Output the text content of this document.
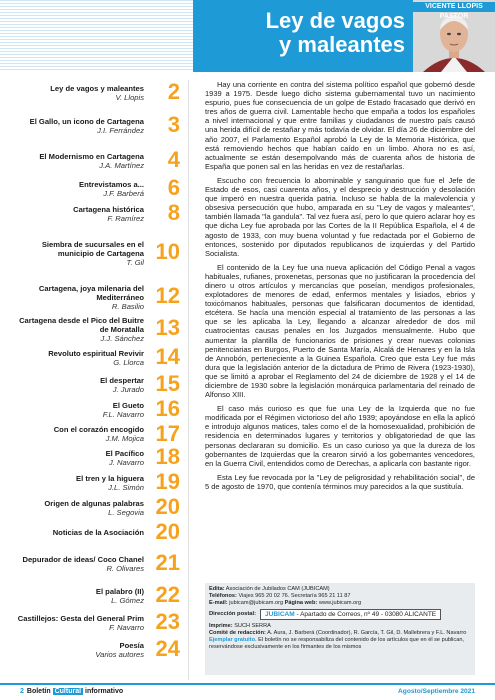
Ley de vagos
y maleantes
VICENTE LLOPIS PASTOR
Ley de vagos y maleantes
V. Llopis 2
El Gallo, un icono de Cartagena
J.I. Ferrández 3
El Modernismo en Cartagena
J.A. Martínez 4
Entrevistamos a...
J.F. Barberá 6
Cartagena histórica
F. Ramírez 8
Siembra de sucursales en el municipio de Cartagena
T. Gil 10
Cartagena, joya milenaria del Mediterráneo
R. Basilio 12
Cartagena desde el Pico del Buitre de Moratalla
J.J. Sánchez 13
Revoluto espiritual Revivir
G. Llorca 14
El despertar
J. Jurado 15
El Gueto
F.L. Navarro 16
Con el corazón encogido
J.M. Mojica 17
El Pacífico
J. Navarro 18
El tren y la higuera
J.L. Simón 19
Origen de algunas palabras
L. Segovia 20
Noticias de la Asociación 20
Depurador de ideas/ Coco Chanel
R. Olivares 21
El palabro (II)
L. Gómez 22
Castillejos: Gesta del General Prim
F. Navarro 23
Poesía
Varios autores 24

Hay una corriente en contra del sistema político español que gobernó desde 1939 a 1975. Desde luego dicho sistema gubernamental tuvo un nacimiento espurio, pues fue consecuencia de un golpe de Estado fracasado que derivó en tres años de guerra civil. Lamentable hecho que empaña a todos los españoles a nivel internacional y que entre familias y ciudadanos de nuestro país causó una herida difícil de restañar y más todavía de olvidar. El día 26 de diciembre del año 2007, el Parlamento Español aprobó la Ley de la Memoria Histórica, que está removiendo hechos que habían caído en un limbo. Ahora no es así, actualmente se están desempolvando más de cuarenta años de historia de España que ponen sal en las heridas en vez de restañarlas.

Escucho con frecuencia lo abominable y sanguinario que fue el Jefe de Estado de esos, casi cuarenta años, y el desprecio y destrucción y desolación que imperó en nuestra querida patria. Incluso se habla de la malevolencia y obsesiva persecución que hubo, amparada en su "Ley de vagos y maleantes", también llamada "la gandula". Tal vez fuera así, pero lo que quiero aclarar hoy es que dicha Ley fue aprobada por las Cortes de la II República Española, el 4 de agosto de 1933, con muy buena voluntad y fue redactada por el Gobierno de entonces, sostenido por diputados republicanos de izquierdas y del Partido Socialista.

El contenido de la Ley fue una nueva aplicación del Código Penal a vagos habituales, rufianes, proxenetas, personas que no justificaran la procedencia del dinero u otros artículos y mercancías que poseían, mendigos profesionales, explotadores de menores de edad, enfermos mentales y lisiados, ebrios y toxicómanos habituales, personas que falsificaran documentos de identidad, etcétera. Se hacía una mención especial al tratamiento de las personas a las que se les aplicaba la Ley, llegando a alcanzar alrededor de dos mil cuatrocientas causas penales en los Juzgados mensualmente. Hubo que aumentar la plantilla de funcionarios de prisiones y crear nuevas colonias penitenciarias en Burgos, Puerto de Santa María, Alcalá de Henares y en la Isla de Annobón, perteneciente a la Guinea Española. Creo que esta Ley fue más dura que la legislación anterior de la dictadura de Primo de Rivera (1923-1930), que se limitó a aprobar el Reglamento del 24 de diciembre de 1928 y el 14 de diciembre de 1930 sobre la legislación monárquica parlamentaria del reinado de Alfonso XIII.

El caso más curioso es que fue una Ley de la Izquierda que no fue modificada por el Régimen victorioso del año 1939; apoyándose en ella la aplicó e introdujo algunos matices, tales como el de la homosexualidad, prohibición de residencia en determinados lugares y territorios y obligatoriedad de que las personas declararan su domicilio. Es un caso curioso ya que la dureza de los gobernantes de Izquierdas que la crearon sirvió a los gobernantes vencedores, en la Guerra Civil, entendidos como de Derechas, a aplicarla con bastante rigor.

Esta Ley fue revocada por la "Ley de peligrosidad y rehabilitación social", de 5 de agosto de 1970, que contenía términos muy parecidos a la que sustituía.

Edita: Asociación de Jubilados CAM (JUBICAM)
Teléfonos: Viajes 965 20 02 76. Secretaría 965 21 11 87
E-mail: jubicam@jubicam.org Página web: www.jubicam.org
Dirección postal:	JUBICAM - Apartado de Correos, nº 49 - 03080 ALICANTE
Imprime: SUCH SERRA
Comité de redacción: A. Aura, J. Barberá (Coordinador), R. García, T. Gil, D. Mallebrera y F.L. Navarro
Ejemplar gratuito. El boletín no se responsabiliza del contenido de los artículos que en él se publican, reservándose exclusivamente en los firmantes de los mismos
2 Boletín Cultural informativo	Agosto/Septiembre 2021
